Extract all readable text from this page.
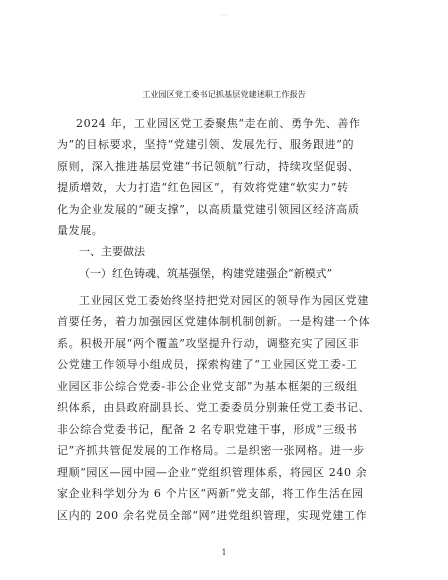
工业园区党工委书记抓基层党建述职工作报告
2024 年，工业园区党工委聚焦“走在前、勇争先、善作
为”的目标要求，坚持“党建引领、发展先行、服务跟进”的
原则，深入推进基层党建“书记领航”行动，持续攻坚促弱、
提质增效，大力打造“红色园区”，有效将党建“软实力”转
化为企业发展的“硬支撑”，以高质量党建引领园区经济高质
量发展。
一、主要做法
（一）红色铸魂、筑基强堡，构建党建强企“新模式”
工业园区党工委始终坚持把党对园区的领导作为园区党建
首要任务，着力加强园区党建体制机制创新。一是构建一个体
系。积极开展“两个覆盖”攻坚提升行动，调整充实了园区非
公党建工作领导小组成员，探索构建了“工业园区党工委-工
业园区非公综合党委-非公企业党支部”为基本框架的三级组
织体系，由县政府副县长、党工委委员分别兼任党工委书记、
非公综合党委书记，配备 2 名专职党建干事，形成“三级书
记”齐抓共管促发展的工作格局。二是织密一张网格。进一步
理顺“园区—园中园—企业”党组织管理体系，将园区 240 余
家企业科学划分为 6 个片区“两新”党支部，将工作生活在园
区内的 200 余名党员全部“网”进党组织管理，实现党建工作
1
